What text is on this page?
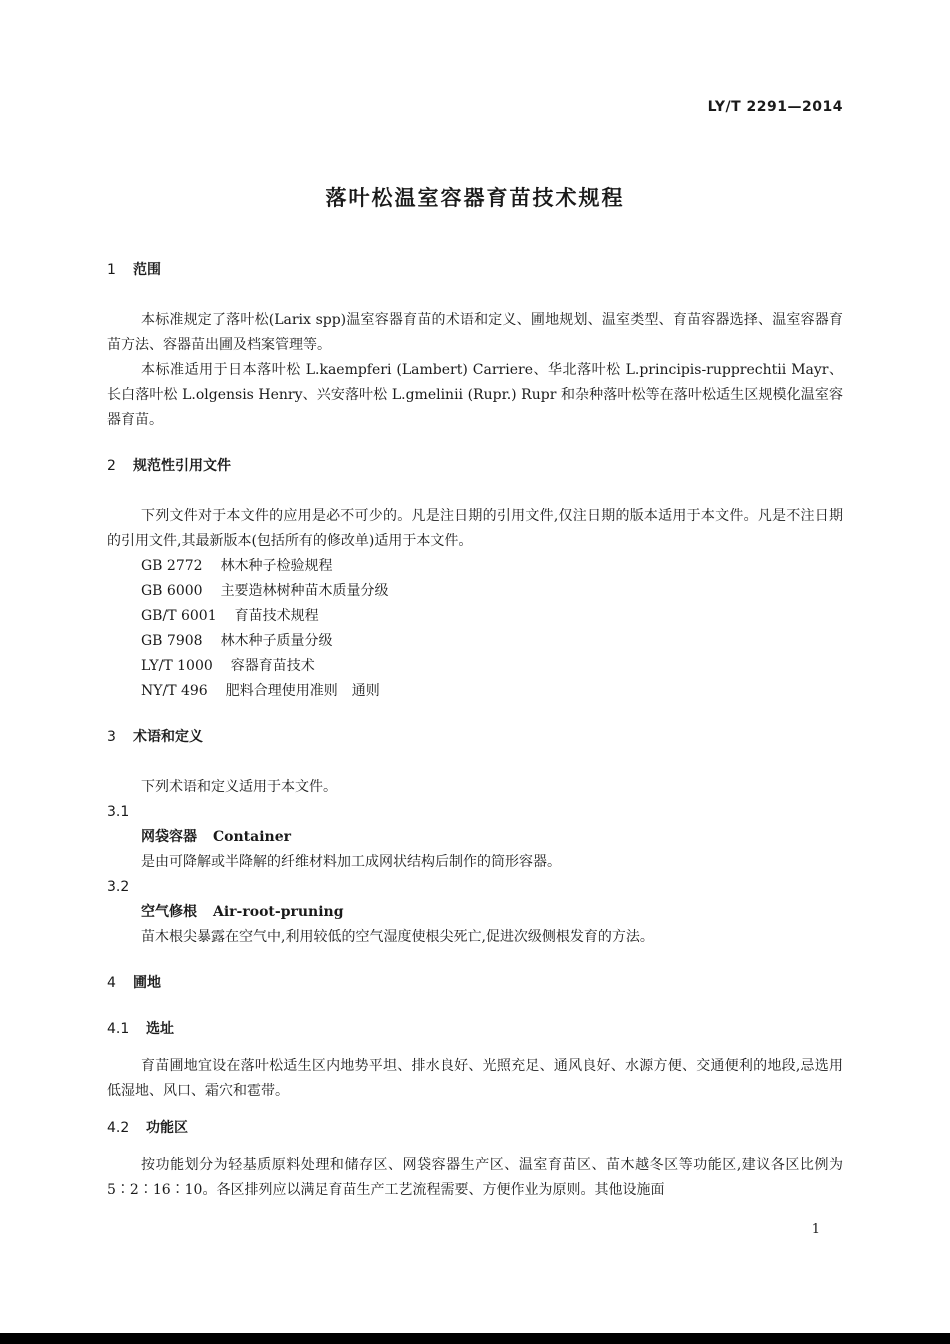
LY/T 2291—2014
落叶松温室容器育苗技术规程
1 范围

本标准规定了落叶松(Larix spp)温室容器育苗的术语和定义、圃地规划、温室类型、育苗容器选择、温室容器育苗方法、容器苗出圃及档案管理等。

本标准适用于日本落叶松 L.kaempferi (Lambert) Carriere、华北落叶松 L.principis-rupprechtii Mayr、长白落叶松 L.olgensis Henry、兴安落叶松 L.gmelinii (Rupr.) Rupr 和杂种落叶松等在落叶松适生区规模化温室容器育苗。

2 规范性引用文件

下列文件对于本文件的应用是必不可少的。凡是注日期的引用文件,仅注日期的版本适用于本文件。凡是不注日期的引用文件,其最新版本(包括所有的修改单)适用于本文件。

GB 2772 林木种子检验规程

GB 6000 主要造林树种苗木质量分级

GB/T 6001 育苗技术规程

GB 7908 林木种子质量分级

LY/T 1000 容器育苗技术

NY/T 496 肥料合理使用准则　通则

3 术语和定义

下列术语和定义适用于本文件。

3.1
网袋容器 Container

是由可降解或半降解的纤维材料加工成网状结构后制作的筒形容器。

3.2
空气修根 Air-root-pruning

苗木根尖暴露在空气中,利用较低的空气湿度使根尖死亡,促进次级侧根发育的方法。

4 圃地
4.1 选址

育苗圃地宜设在落叶松适生区内地势平坦、排水良好、光照充足、通风良好、水源方便、交通便利的地段,忌选用低湿地、风口、霜穴和雹带。

4.2 功能区

按功能划分为轻基质原料处理和储存区、网袋容器生产区、温室育苗区、苗木越冬区等功能区,建议各区比例为5∶2∶16∶10。各区排列应以满足育苗生产工艺流程需要、方便作业为原则。其他设施面

1
